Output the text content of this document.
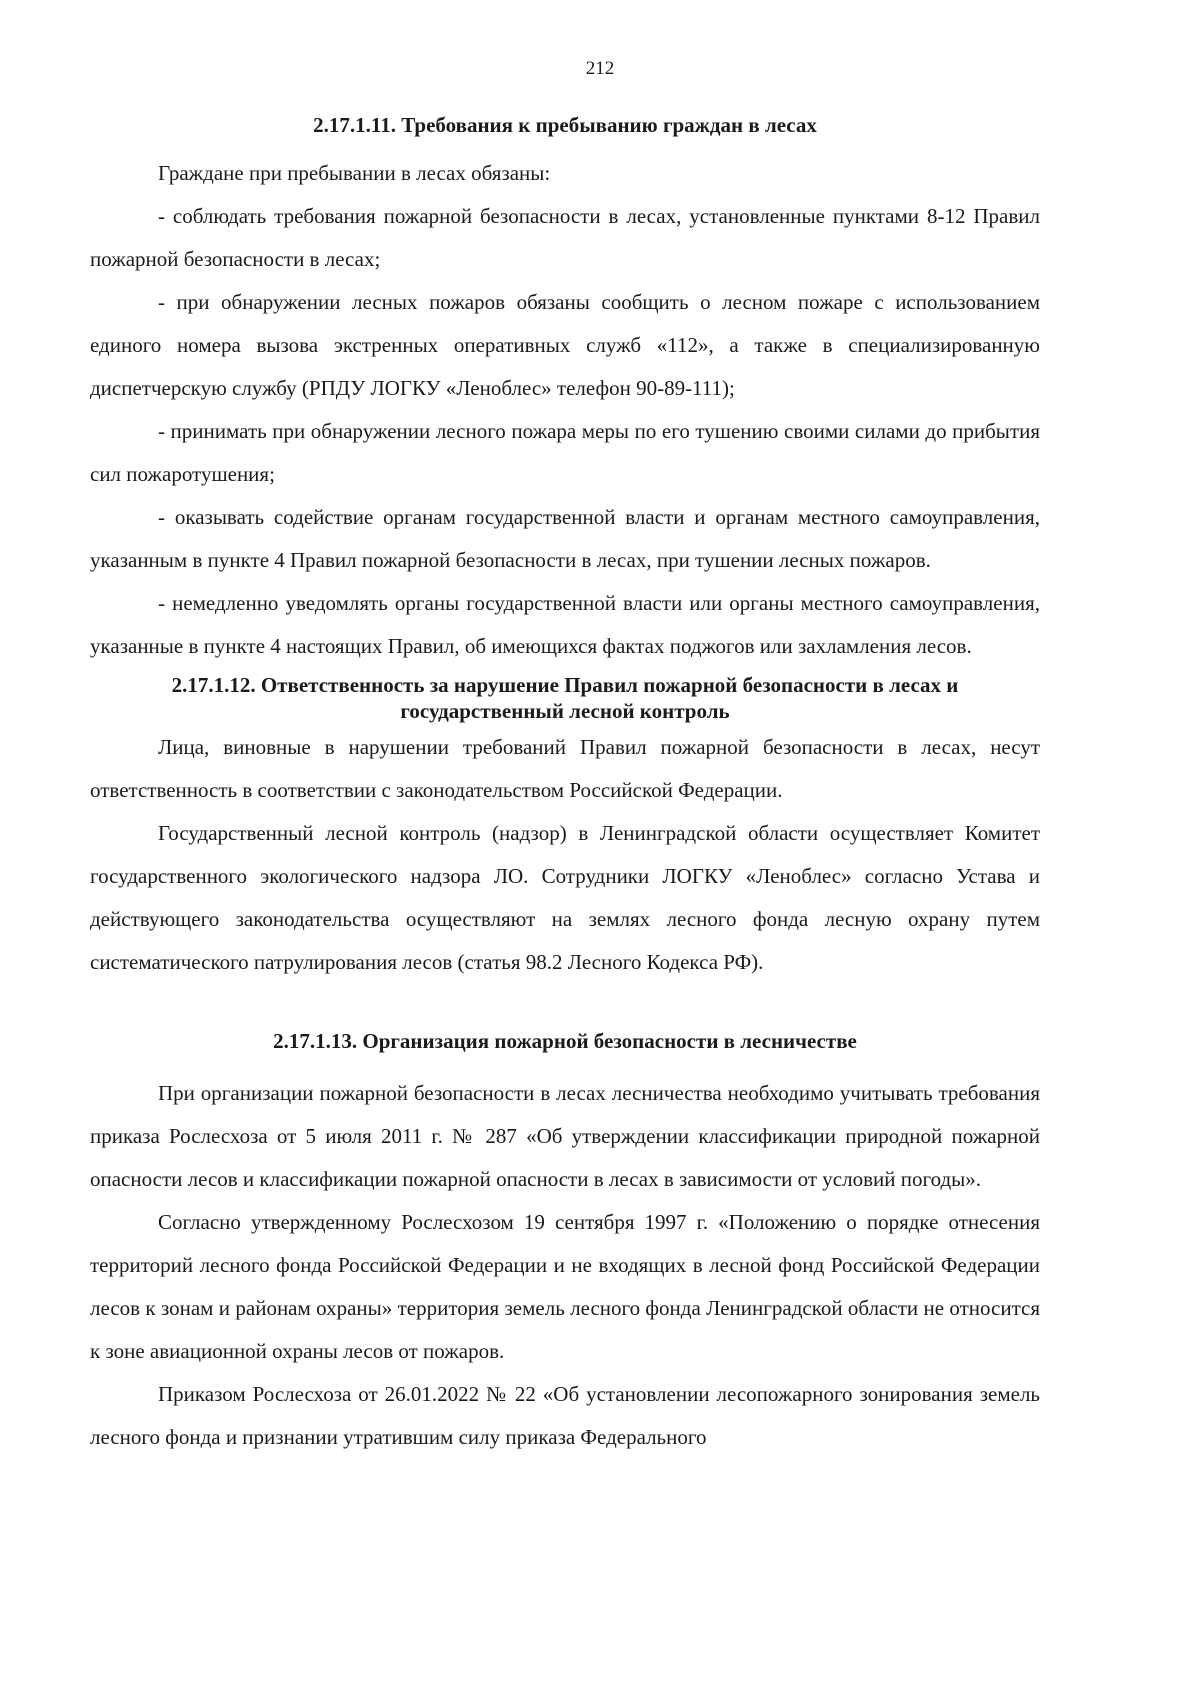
212
2.17.1.11. Требования к пребыванию граждан в лесах

Граждане при пребывании в лесах обязаны:

- соблюдать требования пожарной безопасности в лесах, установленные пунктами 8-12 Правил пожарной безопасности в лесах;

- при обнаружении лесных пожаров обязаны сообщить о лесном пожаре с использованием единого номера вызова экстренных оперативных служб «112», а также в специализированную диспетчерскую службу (РПДУ ЛОГКУ «Леноблес» телефон 90-89-111);

- принимать при обнаружении лесного пожара меры по его тушению своими силами до прибытия сил пожаротушения;

- оказывать содействие органам государственной власти и органам местного самоуправления, указанным в пункте 4 Правил пожарной безопасности в лесах, при тушении лесных пожаров.

- немедленно уведомлять органы государственной власти или органы местного самоуправления, указанные в пункте 4 настоящих Правил, об имеющихся фактах поджогов или захламления лесов.

2.17.1.12. Ответственность за нарушение Правил пожарной безопасности в лесах и государственный лесной контроль

Лица, виновные в нарушении требований Правил пожарной безопасности в лесах, несут ответственность в соответствии с законодательством Российской Федерации.

Государственный лесной контроль (надзор) в Ленинградской области осуществляет Комитет государственного экологического надзора ЛО. Сотрудники ЛОГКУ «Леноблес» согласно Устава и действующего законодательства осуществляют на землях лесного фонда лесную охрану путем систематического патрулирования лесов (статья 98.2 Лесного Кодекса РФ).

2.17.1.13. Организация пожарной безопасности в лесничестве

При организации пожарной безопасности в лесах лесничества необходимо учитывать требования приказа Рослесхоза от 5 июля 2011 г. № 287 «Об утверждении классификации природной пожарной опасности лесов и классификации пожарной опасности в лесах в зависимости от условий погоды».

Согласно утвержденному Рослесхозом 19 сентября 1997 г. «Положению о порядке отнесения территорий лесного фонда Российской Федерации и не входящих в лесной фонд Российской Федерации лесов к зонам и районам охраны» территория земель лесного фонда Ленинградской области не относится к зоне авиационной охраны лесов от пожаров.

Приказом Рослесхоза от 26.01.2022 № 22 «Об установлении лесопожарного зонирования земель лесного фонда и признании утратившим силу приказа Федерального
